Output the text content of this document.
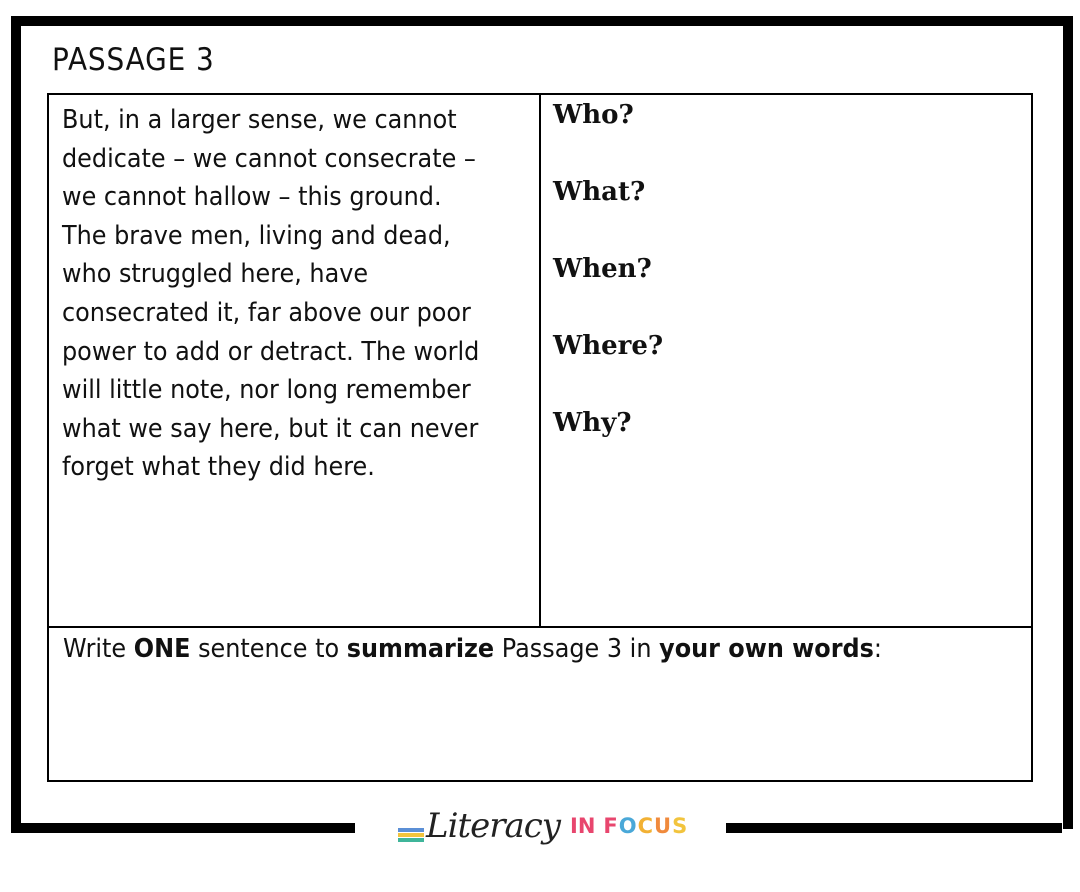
PASSAGE 3
But, in a larger sense, we cannot
dedicate – we cannot consecrate –
we cannot hallow – this ground.
The brave men, living and dead,
who struggled here, have
consecrated it, far above our poor
power to add or detract. The world
will little note, nor long remember
what we say here, but it can never
forget what they did here.
Who?
What?
When?
Where?
Why?
Write ONE sentence to summarize Passage 3 in your own words:
Literacy IN FOCUS
